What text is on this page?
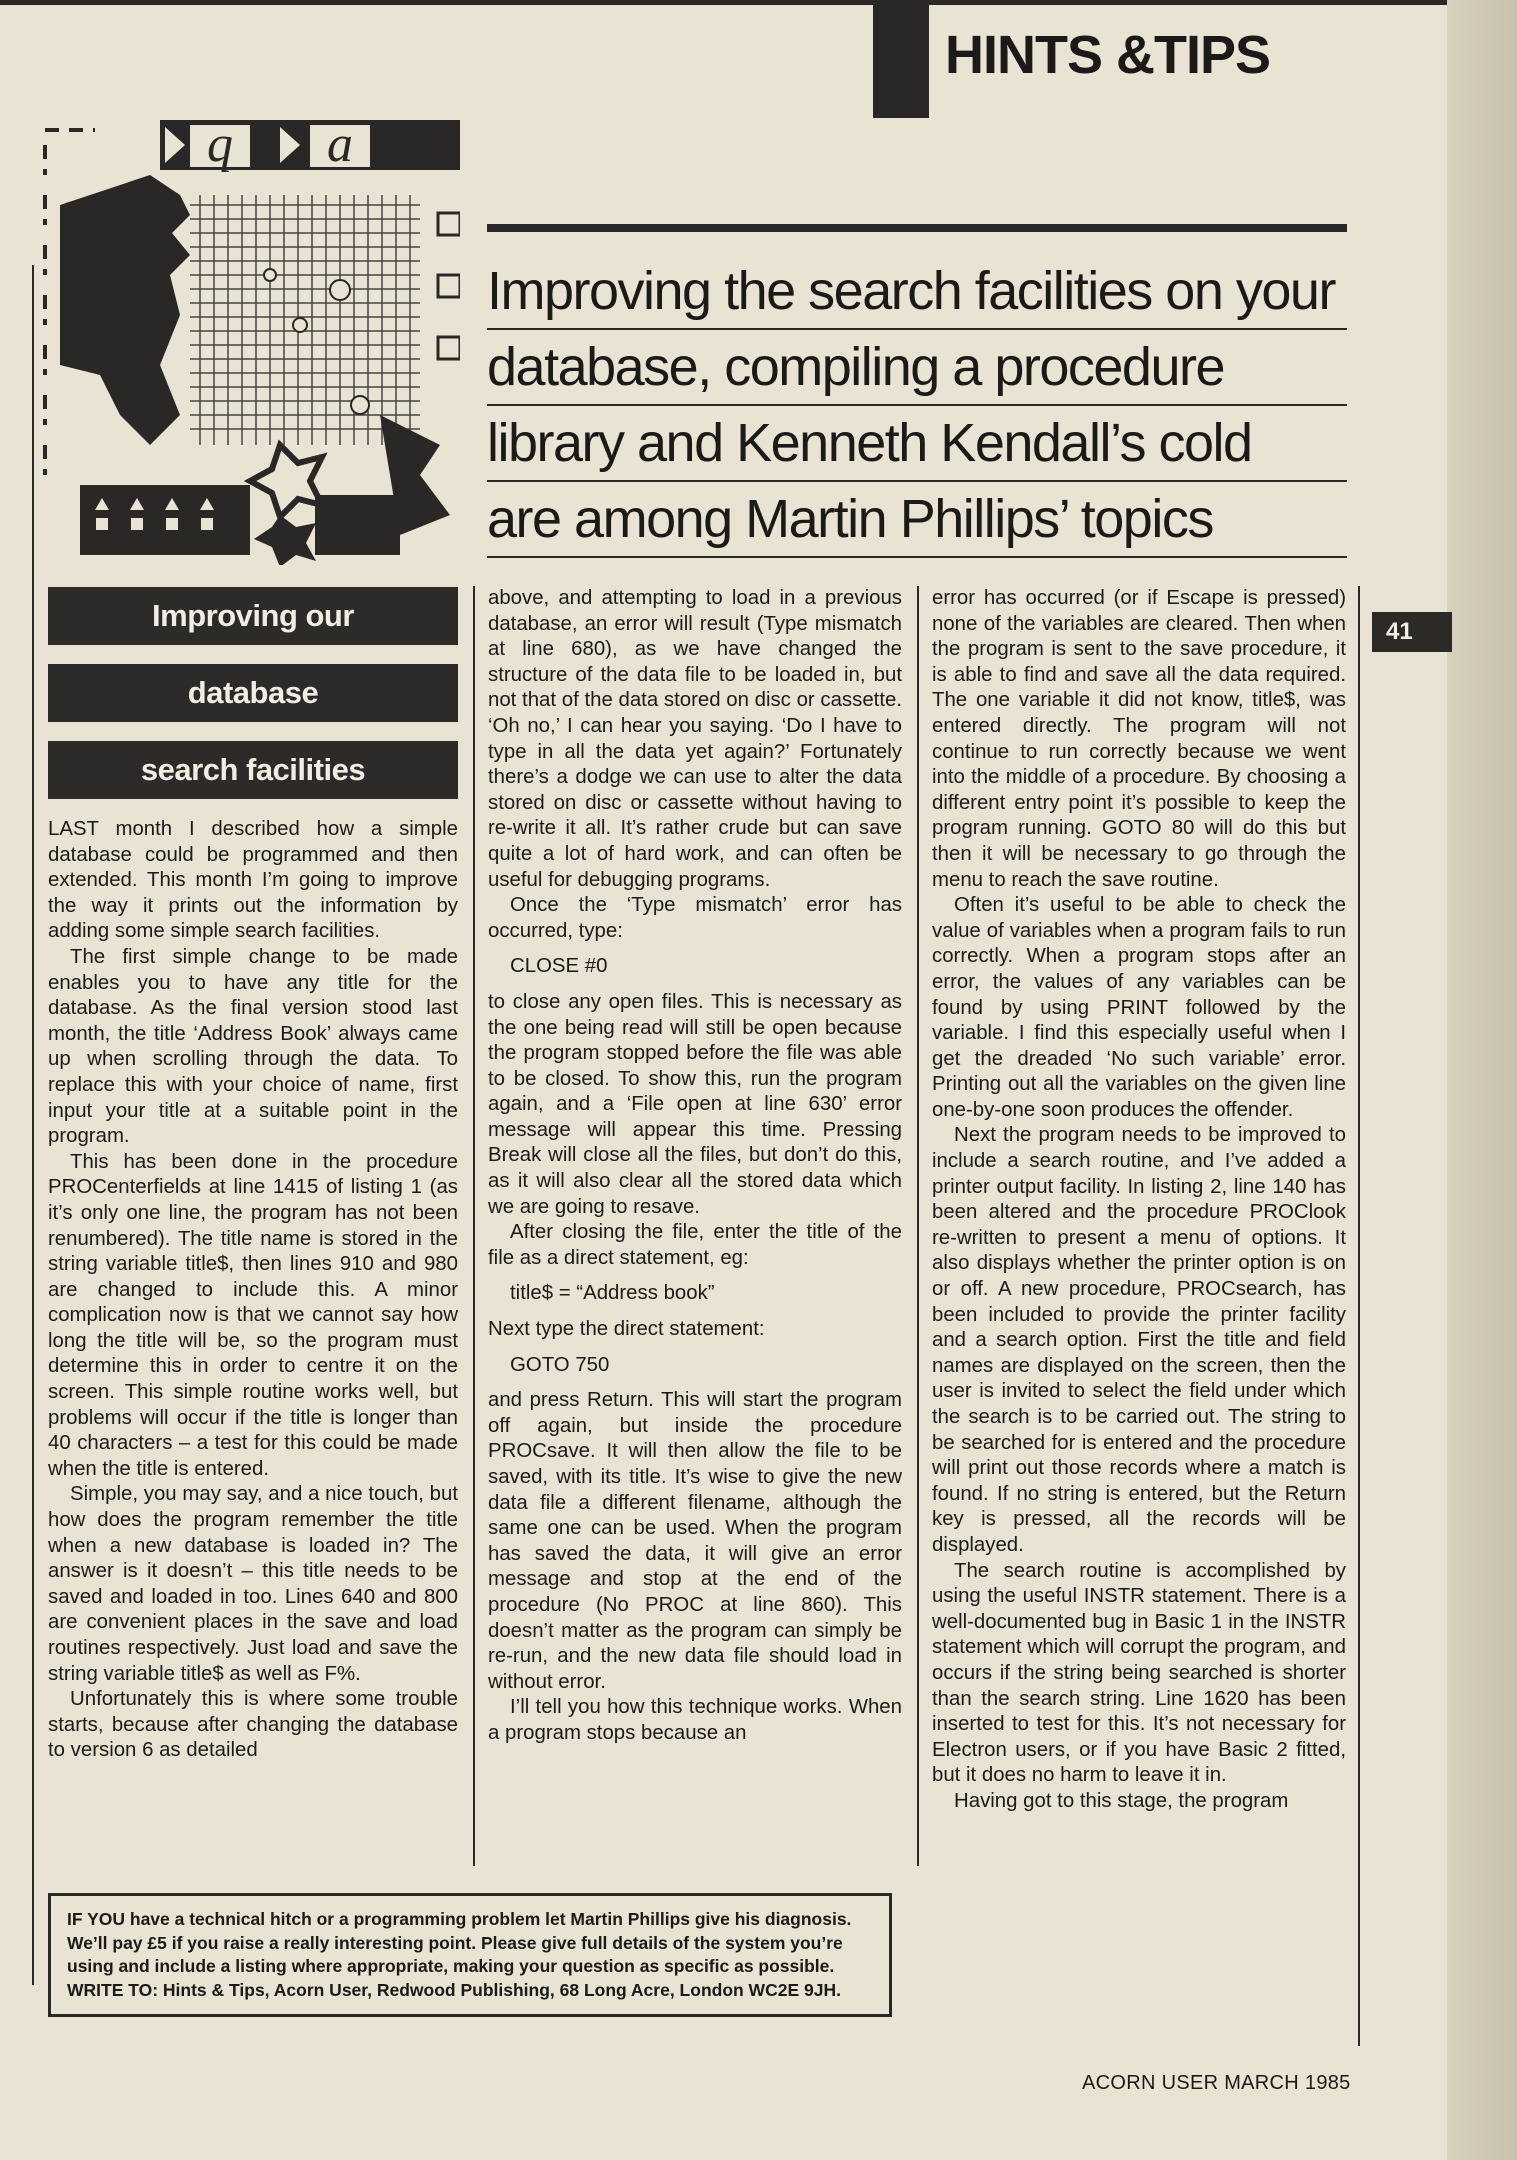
HINTS &TIPS
41
q a
Improving the search facilities on your
database, compiling a procedure
library and Kenneth Kendall’s cold
are among Martin Phillips’ topics
Improving our
database
search facilities

LAST month I described how a simple database could be programmed and then extended. This month I’m going to improve the way it prints out the information by adding some simple search facilities.

The first simple change to be made enables you to have any title for the database. As the final version stood last month, the title ‘Address Book’ always came up when scrolling through the data. To replace this with your choice of name, first input your title at a suitable point in the program.

This has been done in the procedure PROCenterfields at line 1415 of listing 1 (as it’s only one line, the program has not been renumbered). The title name is stored in the string variable title$, then lines 910 and 980 are changed to include this. A minor complication now is that we cannot say how long the title will be, so the program must determine this in order to centre it on the screen. This simple routine works well, but problems will occur if the title is longer than 40 characters – a test for this could be made when the title is entered.

Simple, you may say, and a nice touch, but how does the program remember the title when a new database is loaded in? The answer is it doesn’t – this title needs to be saved and loaded in too. Lines 640 and 800 are convenient places in the save and load routines respectively. Just load and save the string variable title$ as well as F%.

Unfortunately this is where some trouble starts, because after changing the database to version 6 as detailed

above, and attempting to load in a previous database, an error will result (Type mismatch at line 680), as we have changed the structure of the data file to be loaded in, but not that of the data stored on disc or cassette. ‘Oh no,’ I can hear you saying. ‘Do I have to type in all the data yet again?’ Fortunately there’s a dodge we can use to alter the data stored on disc or cassette without having to re-write it all. It’s rather crude but can save quite a lot of hard work, and can often be useful for debugging programs.

Once the ‘Type mismatch’ error has occurred, type:

CLOSE #0

to close any open files. This is necessary as the one being read will still be open because the program stopped before the file was able to be closed. To show this, run the program again, and a ‘File open at line 630’ error message will appear this time. Pressing Break will close all the files, but don’t do this, as it will also clear all the stored data which we are going to resave.

After closing the file, enter the title of the file as a direct statement, eg:

title$ = “Address book”

Next type the direct statement:

GOTO 750

and press Return. This will start the program off again, but inside the procedure PROCsave. It will then allow the file to be saved, with its title. It’s wise to give the new data file a different filename, although the same one can be used. When the program has saved the data, it will give an error message and stop at the end of the procedure (No PROC at line 860). This doesn’t matter as the program can simply be re-run, and the new data file should load in without error.

I’ll tell you how this technique works. When a program stops because an

error has occurred (or if Escape is pressed) none of the variables are cleared. Then when the program is sent to the save procedure, it is able to find and save all the data required. The one variable it did not know, title$, was entered directly. The program will not continue to run correctly because we went into the middle of a procedure. By choosing a different entry point it’s possible to keep the program running. GOTO 80 will do this but then it will be necessary to go through the menu to reach the save routine.

Often it’s useful to be able to check the value of variables when a program fails to run correctly. When a program stops after an error, the values of any variables can be found by using PRINT followed by the variable. I find this especially useful when I get the dreaded ‘No such variable’ error. Printing out all the variables on the given line one-by-one soon produces the offender.

Next the program needs to be improved to include a search routine, and I’ve added a printer output facility. In listing 2, line 140 has been altered and the procedure PROClook re-written to present a menu of options. It also displays whether the printer option is on or off. A new procedure, PROCsearch, has been included to provide the printer facility and a search option. First the title and field names are displayed on the screen, then the user is invited to select the field under which the search is to be carried out. The string to be searched for is entered and the procedure will print out those records where a match is found. If no string is entered, but the Return key is pressed, all the records will be displayed.

The search routine is accomplished by using the useful INSTR statement. There is a well-documented bug in Basic 1 in the INSTR statement which will corrupt the program, and occurs if the string being searched is shorter than the search string. Line 1620 has been inserted to test for this. It’s not necessary for Electron users, or if you have Basic 2 fitted, but it does no harm to leave it in.

Having got to this stage, the program

IF YOU have a technical hitch or a programming problem let Martin Phillips give his diagnosis. We’ll pay £5 if you raise a really interesting point. Please give full details of the system you’re using and include a listing where appropriate, making your question as specific as possible. WRITE TO: Hints & Tips, Acorn User, Redwood Publishing, 68 Long Acre, London WC2E 9JH.
ACORN USER MARCH 1985
